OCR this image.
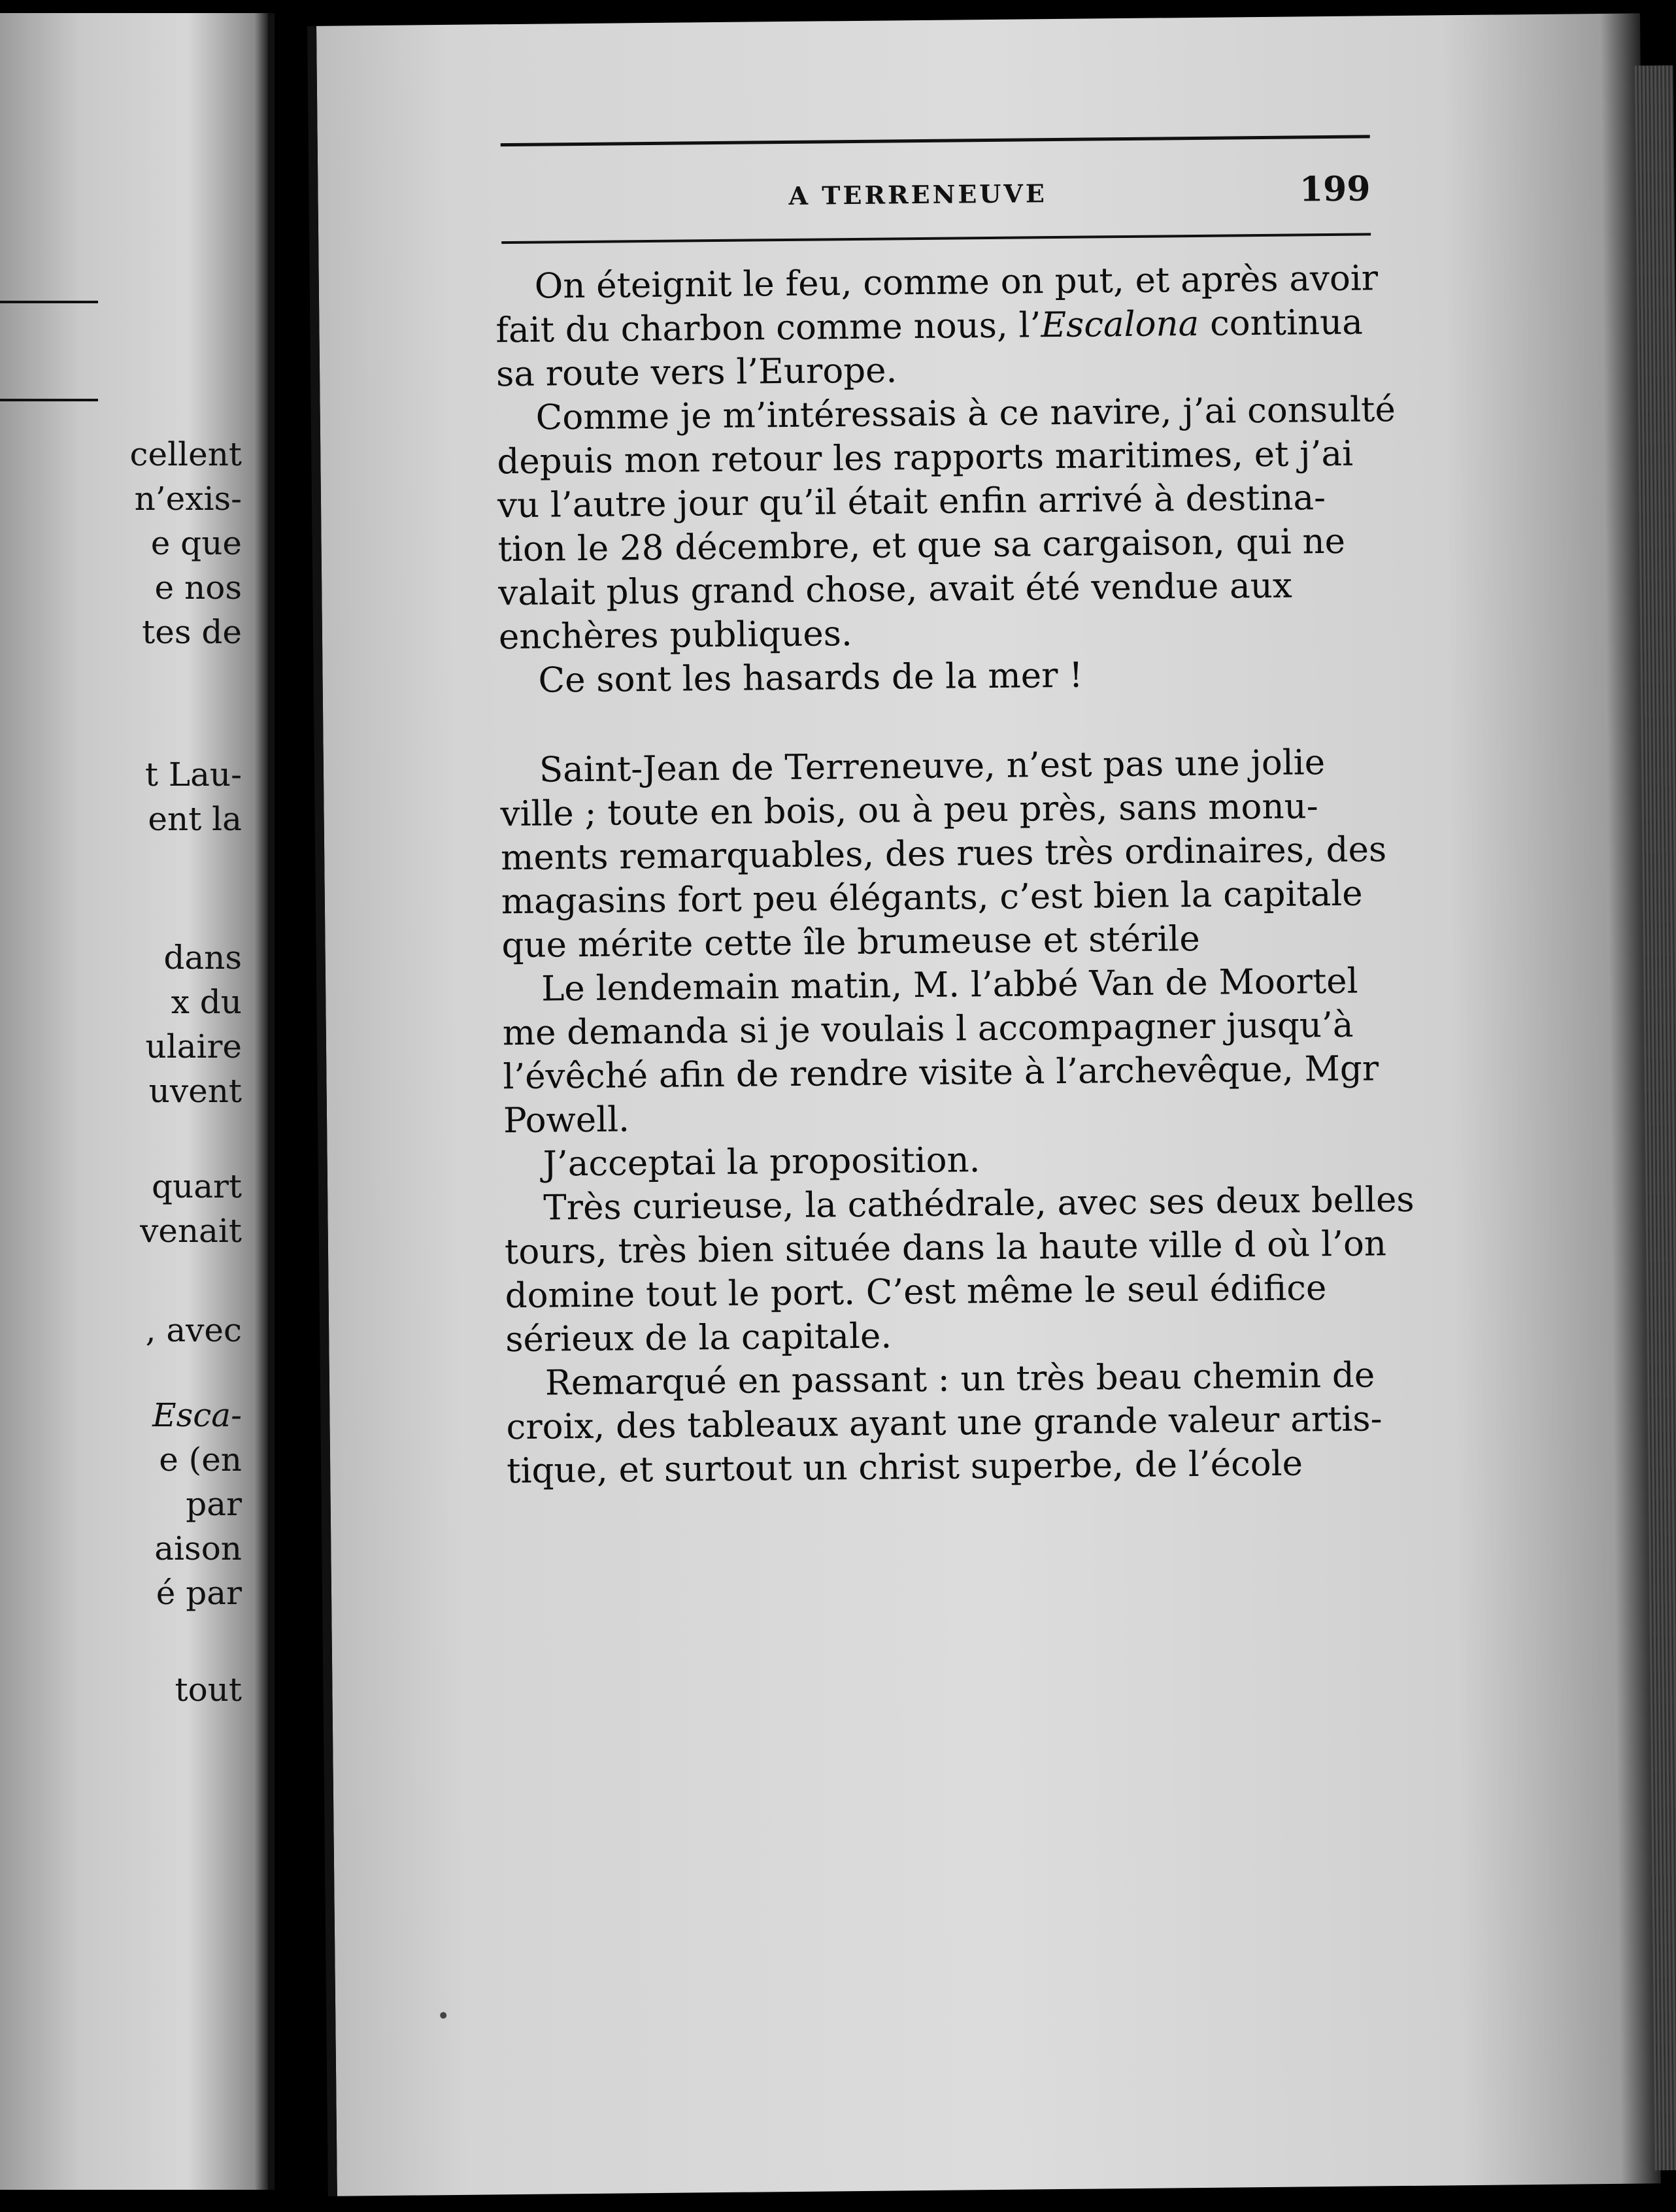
cellent
n’exis-
e que
e nos
tes de
t Lau-
ent la
dans
x du
ulaire
uvent
quart
venait
, avec
Esca-
e (en
par
aison
é par
tout
A TERRENEUVE	199
On éteignit le feu, comme on put, et après avoir
fait du charbon comme nous, l’Escalona continua
sa route vers l’Europe.
Comme je m’intéressais à ce navire, j’ai consulté
depuis mon retour les rapports maritimes, et j’ai
vu l’autre jour qu’il était enfin arrivé à destina-
tion le 28 décembre, et que sa cargaison, qui ne
valait plus grand chose, avait été vendue aux
enchères publiques.
Ce sont les hasards de la mer !
Saint-Jean de Terreneuve, n’est pas une jolie
ville ; toute en bois, ou à peu près, sans monu-
ments remarquables, des rues très ordinaires, des
magasins fort peu élégants, c’est bien la capitale
que mérite cette île brumeuse et stérile
Le lendemain matin, M. l’abbé Van de Moortel
me demanda si je voulais l accompagner jusqu’à
l’évêché afin de rendre visite à l’archevêque, Mgr
Powell.
J’acceptai la proposition.
Très curieuse, la cathédrale, avec ses deux belles
tours, très bien située dans la haute ville d où l’on
domine tout le port. C’est même le seul édifice
sérieux de la capitale.
Remarqué en passant : un très beau chemin de
croix, des tableaux ayant une grande valeur artis-
tique, et surtout un christ superbe, de l’école
